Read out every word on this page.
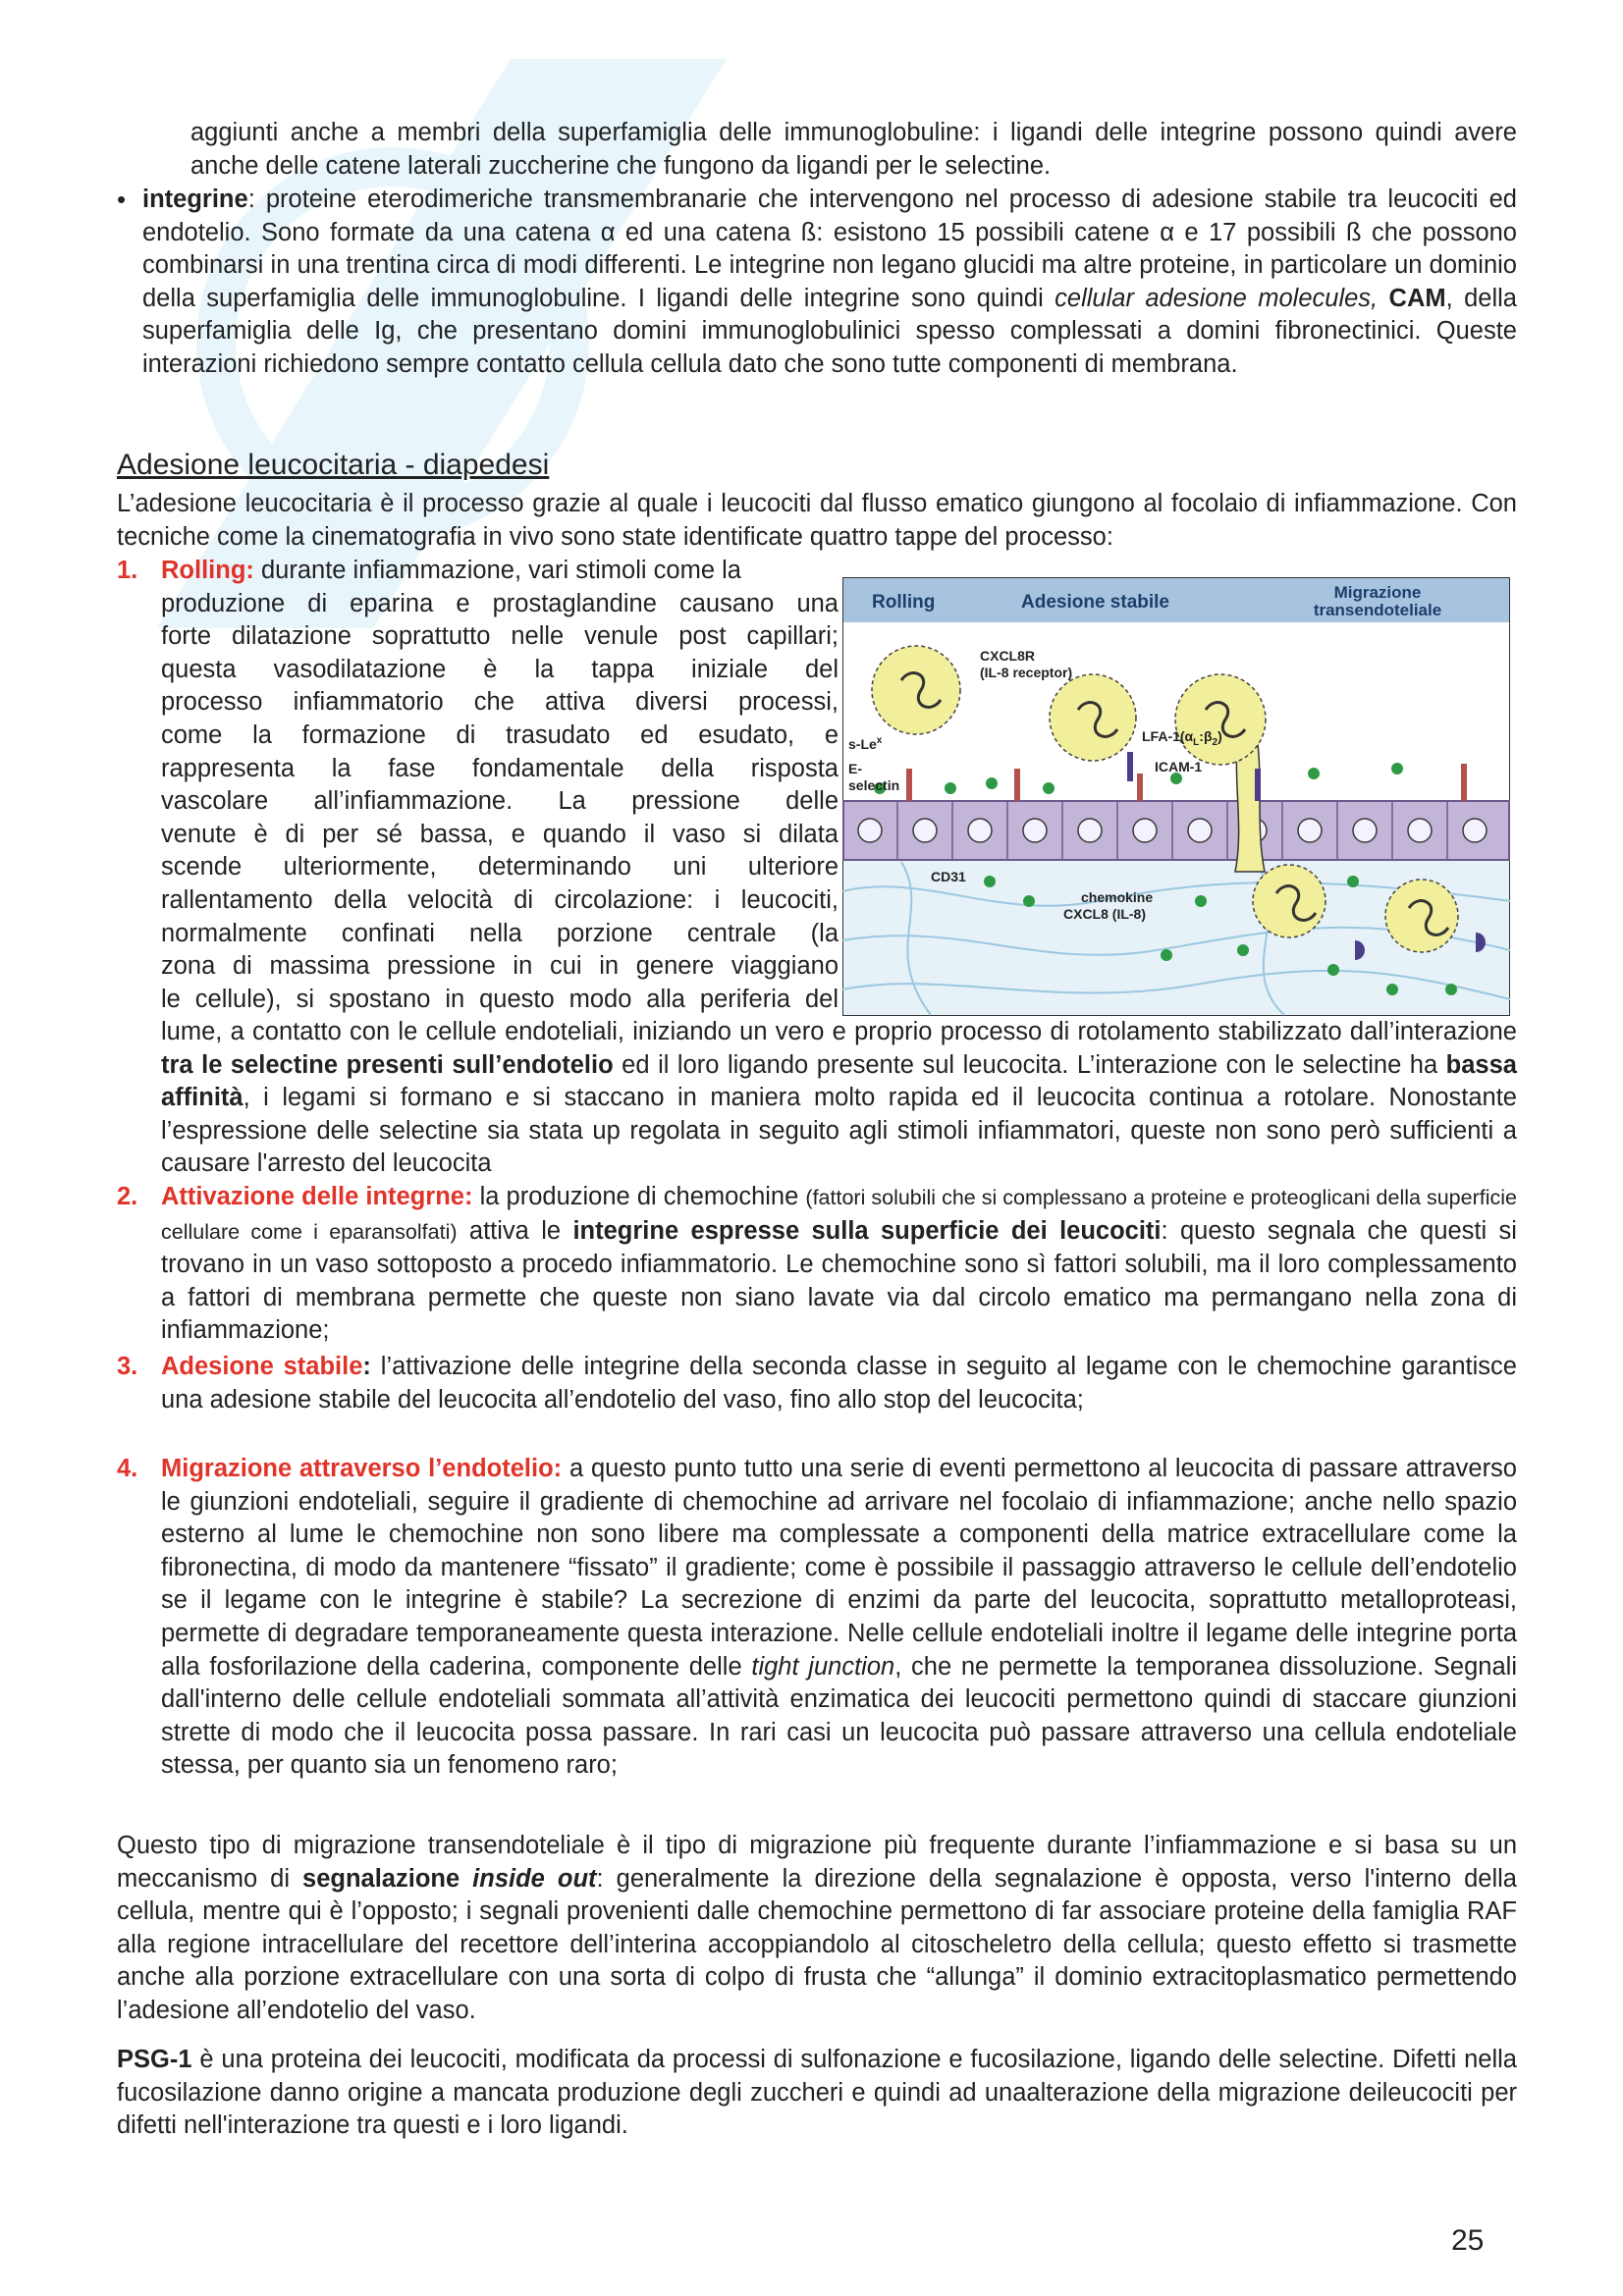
aggiunti anche a membri della superfamiglia delle immunoglobuline: i ligandi delle integrine possono quindi avere anche delle catene laterali zuccherine che fungono da ligandi per le selectine.

• integrine: proteine eterodimeriche transmembranarie che intervengono nel processo di adesione stabile tra leucociti ed endotelio. Sono formate da una catena α ed una catena ß: esistono 15 possibili catene α e 17 possibili ß che possono combinarsi in una trentina circa di modi differenti. Le integrine non legano glucidi ma altre proteine, in particolare un dominio della superfamiglia delle immunoglobuline. I ligandi delle integrine sono quindi cellular adesione molecules, CAM, della superfamiglia delle Ig, che presentano domini immunoglobulinici spesso complessati a domini fibronectinici. Queste interazioni richiedono sempre contatto cellula cellula dato che sono tutte componenti di membrana.

Adesione leucocitaria - diapedesi

L’adesione leucocitaria è il processo grazie al quale i leucociti dal flusso ematico giungono al focolaio di infiammazione. Con tecniche come la cinematografia in vivo sono state identificate quattro tappe del processo:

1. Rolling: durante infiammazione, vari stimoli come la
produzione di eparina e prostaglandine causano una
forte dilatazione soprattutto nelle venule post capillari;
questa vasodilatazione è la tappa iniziale del
processo infiammatorio che attiva diversi processi,
come la formazione di trasudato ed esudato, e
rappresenta la fase fondamentale della risposta
vascolare all’infiammazione. La pressione delle
venute è di per sé bassa, e quando il vaso si dilata
scende ulteriormente, determinando uni ulteriore
rallentamento della velocità di circolazione: i leucociti,
normalmente confinati nella porzione centrale (la
zona di massima pressione in cui in genere viaggiano
le cellule), si spostano in questo modo alla periferia del

lume, a contatto con le cellule endoteliali, iniziando un vero e proprio processo di rotolamento stabilizzato dall’interazione tra le selectine presenti sull’endotelio ed il loro ligando presente sul leucocita. L’interazione con le selectine ha bassa affinità, i legami si formano e si staccano in maniera molto rapida ed il leucocita continua a rotolare. Nonostante l’espressione delle selectine sia stata up regolata in seguito agli stimoli infiammatori, queste non sono però sufficienti a causare l'arresto del leucocita

2. Attivazione delle integrne: la produzione di chemochine (fattori solubili che si complessano a proteine e proteoglicani della superficie cellulare come i eparansolfati) attiva le integrine espresse sulla superficie dei leucociti: questo segnala che questi si trovano in un vaso sottoposto a procedo infiammatorio. Le chemochine sono sì fattori solubili, ma il loro complessamento a fattori di membrana permette che queste non siano lavate via dal circolo ematico ma permangano nella zona di infiammazione;

3. Adesione stabile: l’attivazione delle integrine della seconda classe in seguito al legame con le chemochine garantisce una adesione stabile del leucocita all’endotelio del vaso, fino allo stop del leucocita;

4. Migrazione attraverso l’endotelio: a questo punto tutto una serie di eventi permettono al leucocita di passare attraverso le giunzioni endoteliali, seguire il gradiente di chemochine ad arrivare nel focolaio di infiammazione; anche nello spazio esterno al lume le chemochine non sono libere ma complessate a componenti della matrice extracellulare come la fibronectina, di modo da mantenere “fissato” il gradiente; come è possibile il passaggio attraverso le cellule dell’endotelio se il legame con le integrine è stabile? La secrezione di enzimi da parte del leucocita, soprattutto metalloproteasi, permette di degradare temporaneamente questa interazione. Nelle cellule endoteliali inoltre il legame delle integrine porta alla fosforilazione della caderina, componente delle tight junction, che ne permette la temporanea dissoluzione. Segnali dall'interno delle cellule endoteliali sommata all’attività enzimatica dei leucociti permettono quindi di staccare giunzioni strette di modo che il leucocita possa passare. In rari casi un leucocita può passare attraverso una cellula endoteliale stessa, per quanto sia un fenomeno raro;

Questo tipo di migrazione transendoteliale è il tipo di migrazione più frequente durante l’infiammazione e si basa su un meccanismo di segnalazione inside out: generalmente la direzione della segnalazione è opposta, verso l'interno della cellula, mentre qui è l’opposto; i segnali provenienti dalle chemochine permettono di far associare proteine della famiglia RAF alla regione intracellulare del recettore dell’interina accoppiandolo al citoscheletro della cellula; questo effetto si trasmette anche alla porzione extracellulare con una sorta di colpo di frusta che “allunga” il dominio extracitoplasmatico permettendo l’adesione all’endotelio del vaso.

PSG-1 è una proteina dei leucociti, modificata da processi di sulfonazione e fucosilazione, ligando delle selectine. Difetti nella fucosilazione danno origine a mancata produzione degli zuccheri e quindi ad unaalterazione della migrazione deileucociti per difetti nell'interazione tra questi e i loro ligandi.

25
Rolling	Adesione stabile	Migrazione
transendoteliale
CXCL8R
(IL-8 receptor)
s-Le$^x$
E-
selectin
LFA-$1(\alpha_L:\beta_2)$
ICAM-1
CD31
chemokine
CXCL8 (IL-8)
